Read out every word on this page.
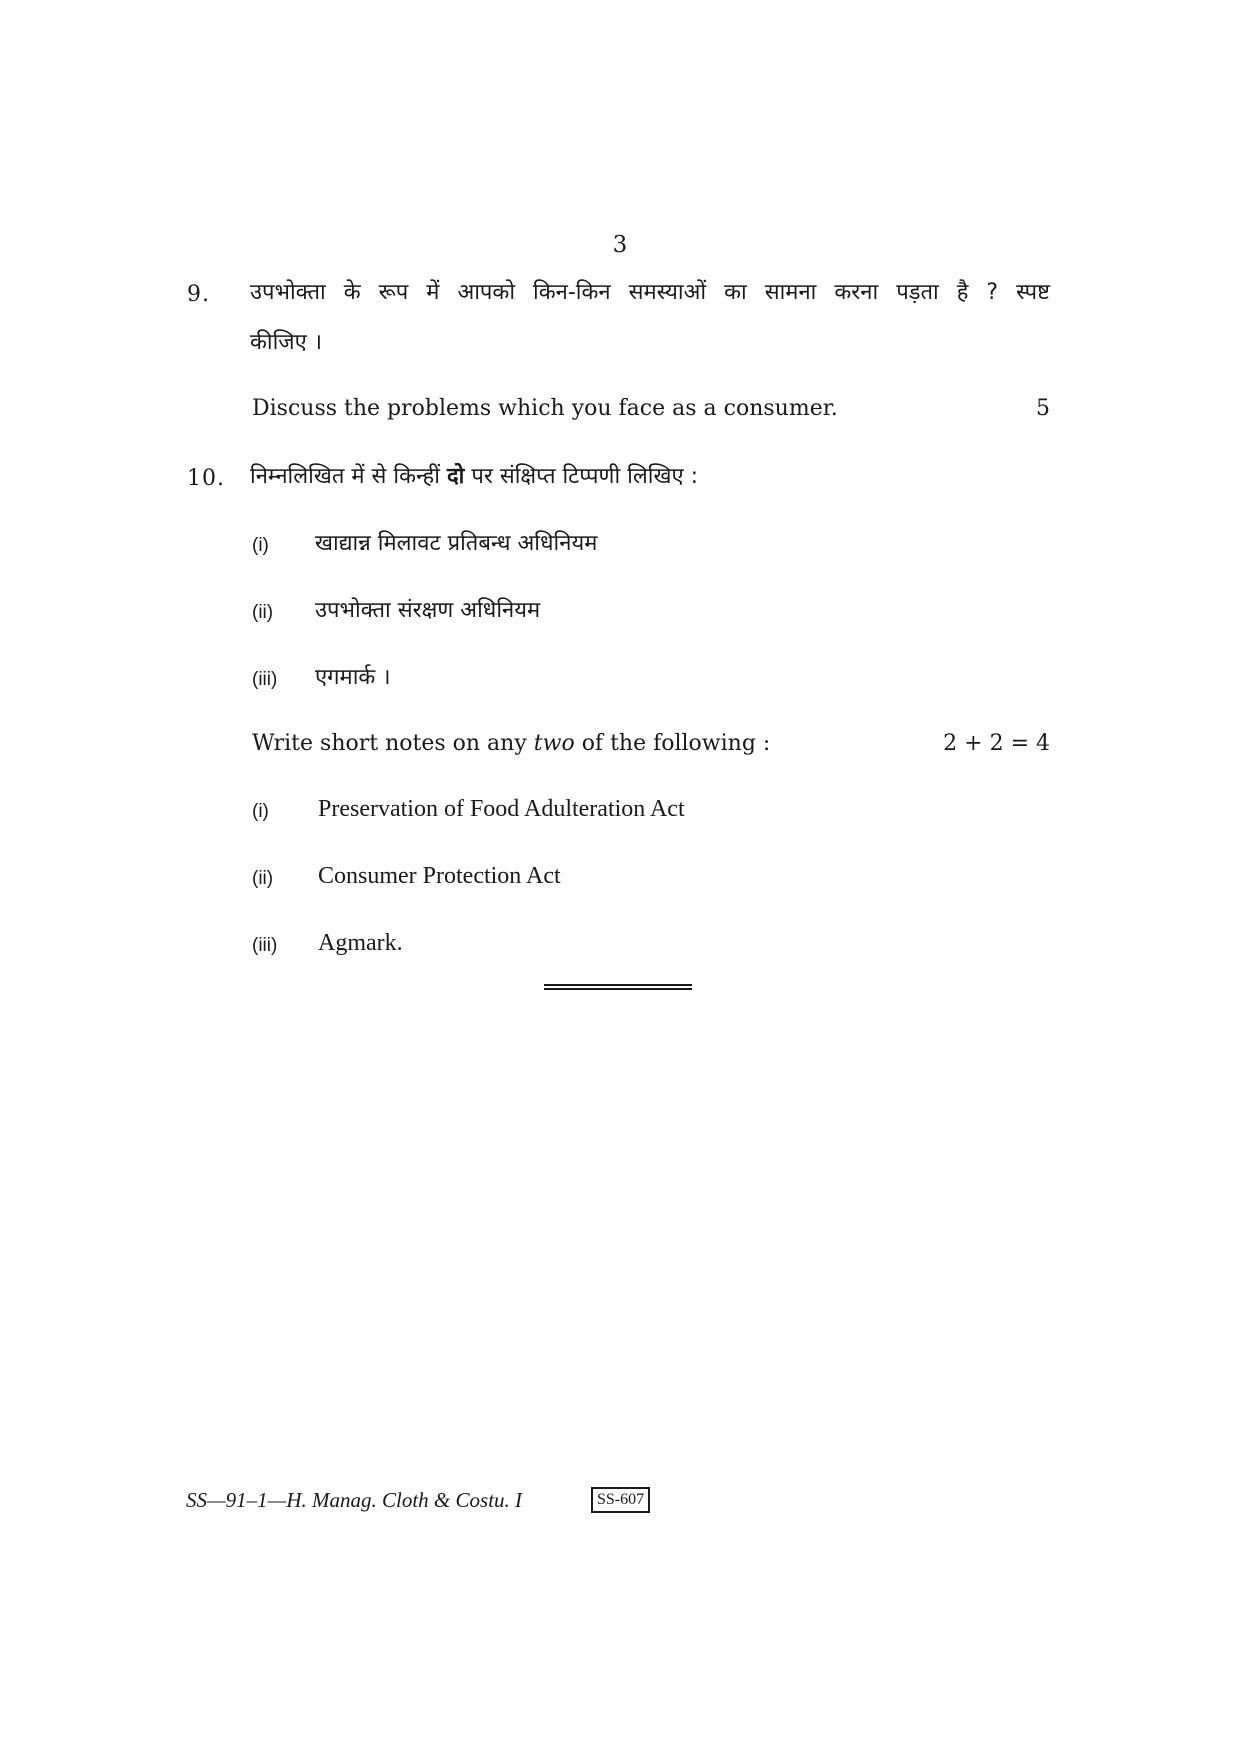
3
9. उपभोक्ता के रूप में आपको किन-किन समस्याओं का सामना करना पड़ता है ? स्पष्ट
कीजिए ।
Discuss the problems which you face as a consumer.	5
10. निम्नलिखित में से किन्हीं दो पर संक्षिप्त टिप्पणी लिखिए :
(i) खाद्यान्न मिलावट प्रतिबन्ध अधिनियम
(ii) उपभोक्ता संरक्षण अधिनियम
(iii) एगमार्क ।
Write short notes on any two of the following :	2 + 2 = 4
(i) Preservation of Food Adulteration Act
(ii) Consumer Protection Act
(iii) Agmark.
SS—91–1—H. Manag. Cloth & Costu. I	SS-607
